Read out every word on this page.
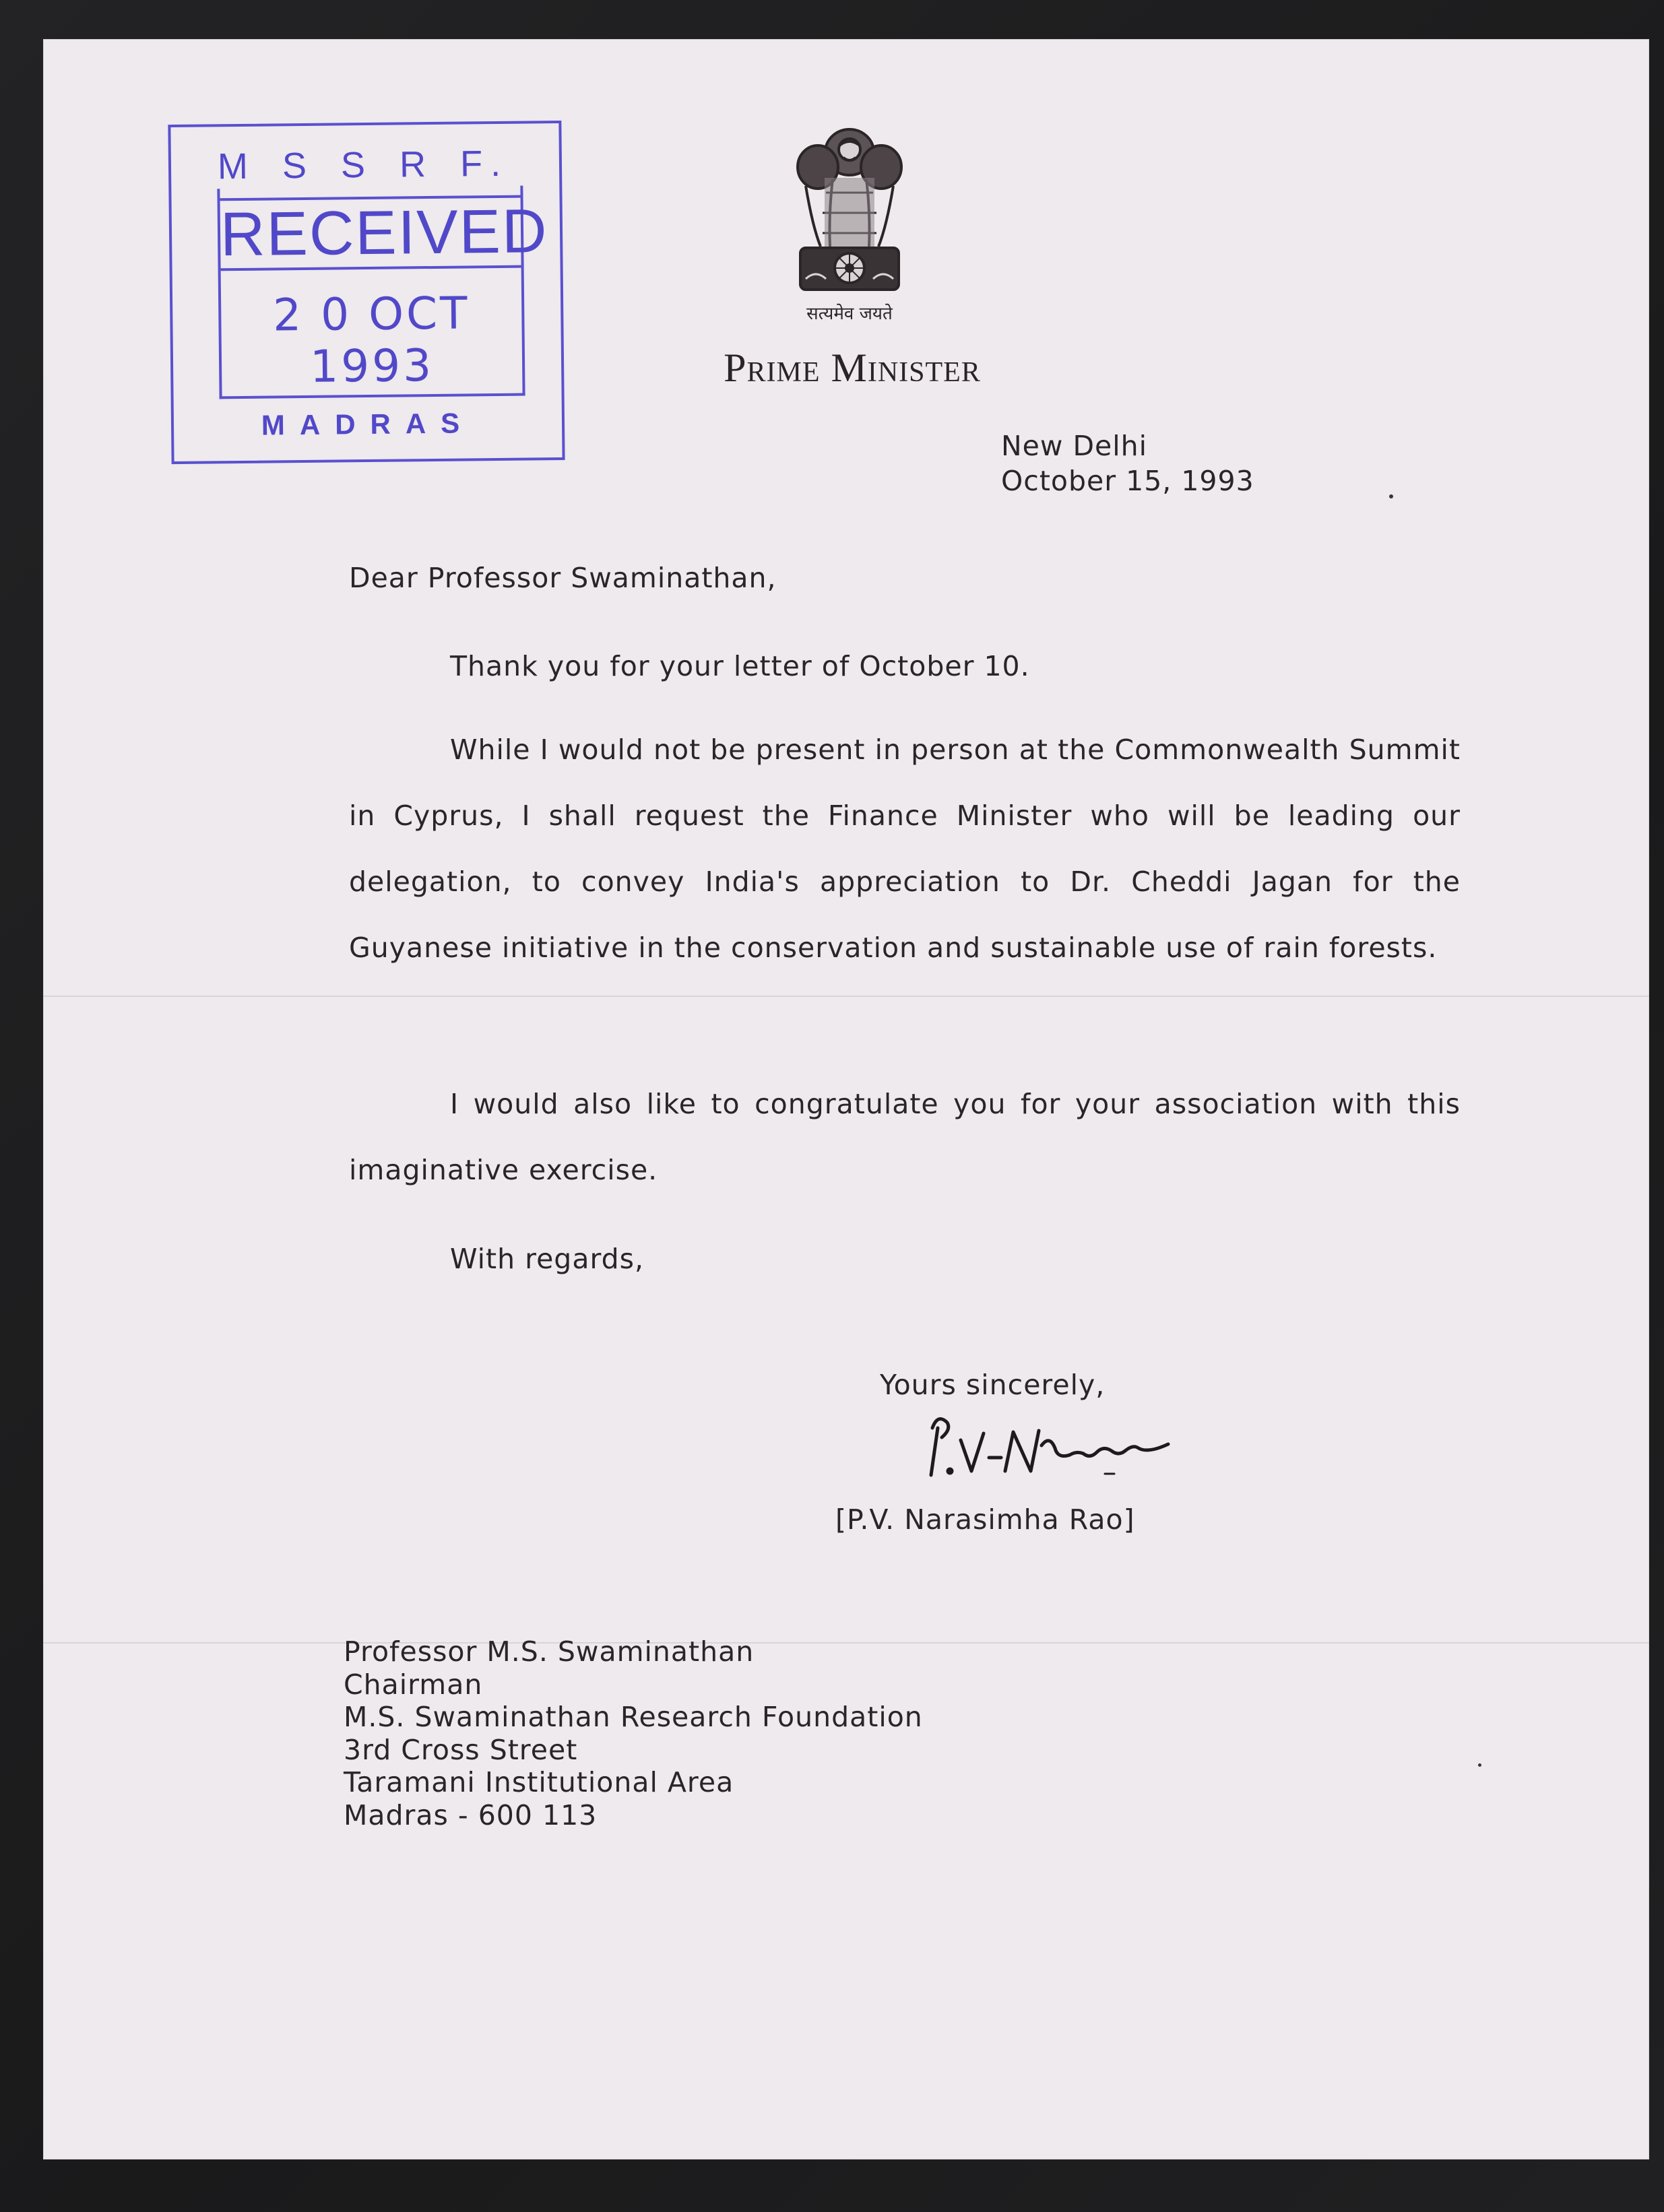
M S S R F.
RECEIVED
2 0 OCT 1993
MADRAS
सत्यमेव जयते
Prime Minister
New Delhi
October 15, 1993
Dear Professor Swaminathan,
Thank you for your letter of October 10.
While I would not be present in person at the Commonwealth Summit in Cyprus, I shall request the Finance Minister who will be leading our delegation, to convey India's appreciation to Dr. Cheddi Jagan for the Guyanese initiative in the conservation and sustainable use of rain forests.
I would also like to congratulate you for your association with this imaginative exercise.
With regards,
Yours sincerely,
[P.V. Narasimha Rao]
Professor M.S. Swaminathan
Chairman
M.S. Swaminathan Research Foundation
3rd Cross Street
Taramani Institutional Area
Madras - 600 113
